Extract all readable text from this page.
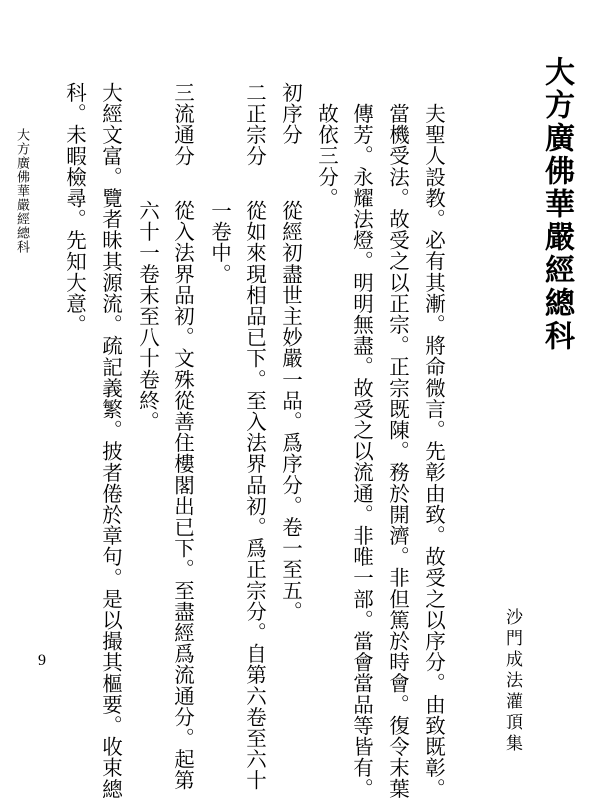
大方廣佛華嚴經總科
沙門成法灌頂集
夫聖人設教。必有其漸。將命微言。先彰由致。故受之以序分。由致既彰。
當機受法。故受之以正宗。正宗既陳。務於開濟。非但篤於時會。復令末葉
傳芳。永耀法燈。明明無盡。故受之以流通。非唯一部。當會當品等皆有。
故依三分。
初序分
從經初盡世主妙嚴一品。爲序分。卷一至五。
二正宗分
從如來現相品已下。至入法界品初。爲正宗分。自第六卷至六十
一卷中。
三流通分
從入法界品初。文殊從善住樓閣出已下。至盡經爲流通分。起第
六十一卷末至八十卷終。
大經文富。覽者昧其源流。疏記義繁。披者倦於章句。是以撮其樞要。收束總
科。未暇檢尋。先知大意。
大方廣佛華嚴經總科
9
